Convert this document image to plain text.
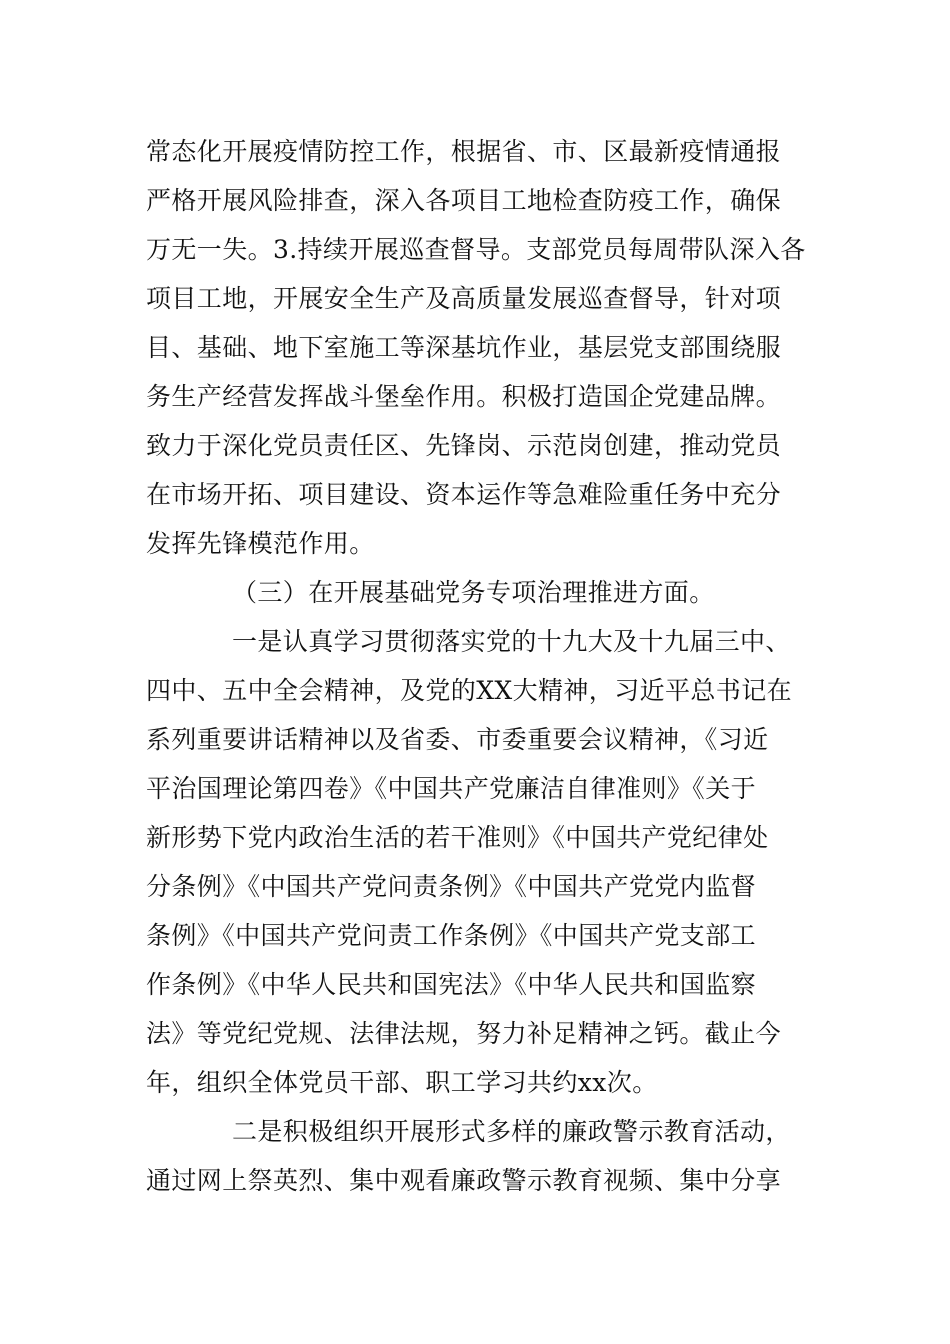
常态化开展疫情防控工作，根据省、市、区最新疫情通报
严格开展风险排查，深入各项目工地检查防疫工作，确保
万无一失。3.持续开展巡查督导。支部党员每周带队深入各
项目工地，开展安全生产及高质量发展巡查督导，针对项
目、基础、地下室施工等深基坑作业，基层党支部围绕服
务生产经营发挥战斗堡垒作用。积极打造国企党建品牌。
致力于深化党员责任区、先锋岗、示范岗创建，推动党员
在市场开拓、项目建设、资本运作等急难险重任务中充分
发挥先锋模范作用。
（三）在开展基础党务专项治理推进方面。
一是认真学习贯彻落实党的十九大及十九届三中、
四中、五中全会精神，及党的XX大精神，习近平总书记在
系列重要讲话精神以及省委、市委重要会议精神，《习近
平治国理论第四卷》《中国共产党廉洁自律准则》《关于
新形势下党内政治生活的若干准则》《中国共产党纪律处
分条例》《中国共产党问责条例》《中国共产党党内监督
条例》《中国共产党问责工作条例》《中国共产党支部工
作条例》《中华人民共和国宪法》《中华人民共和国监察
法》等党纪党规、法律法规，努力补足精神之钙。截止今
年，组织全体党员干部、职工学习共约xx次。
二是积极组织开展形式多样的廉政警示教育活动，
通过网上祭英烈、集中观看廉政警示教育视频、集中分享
